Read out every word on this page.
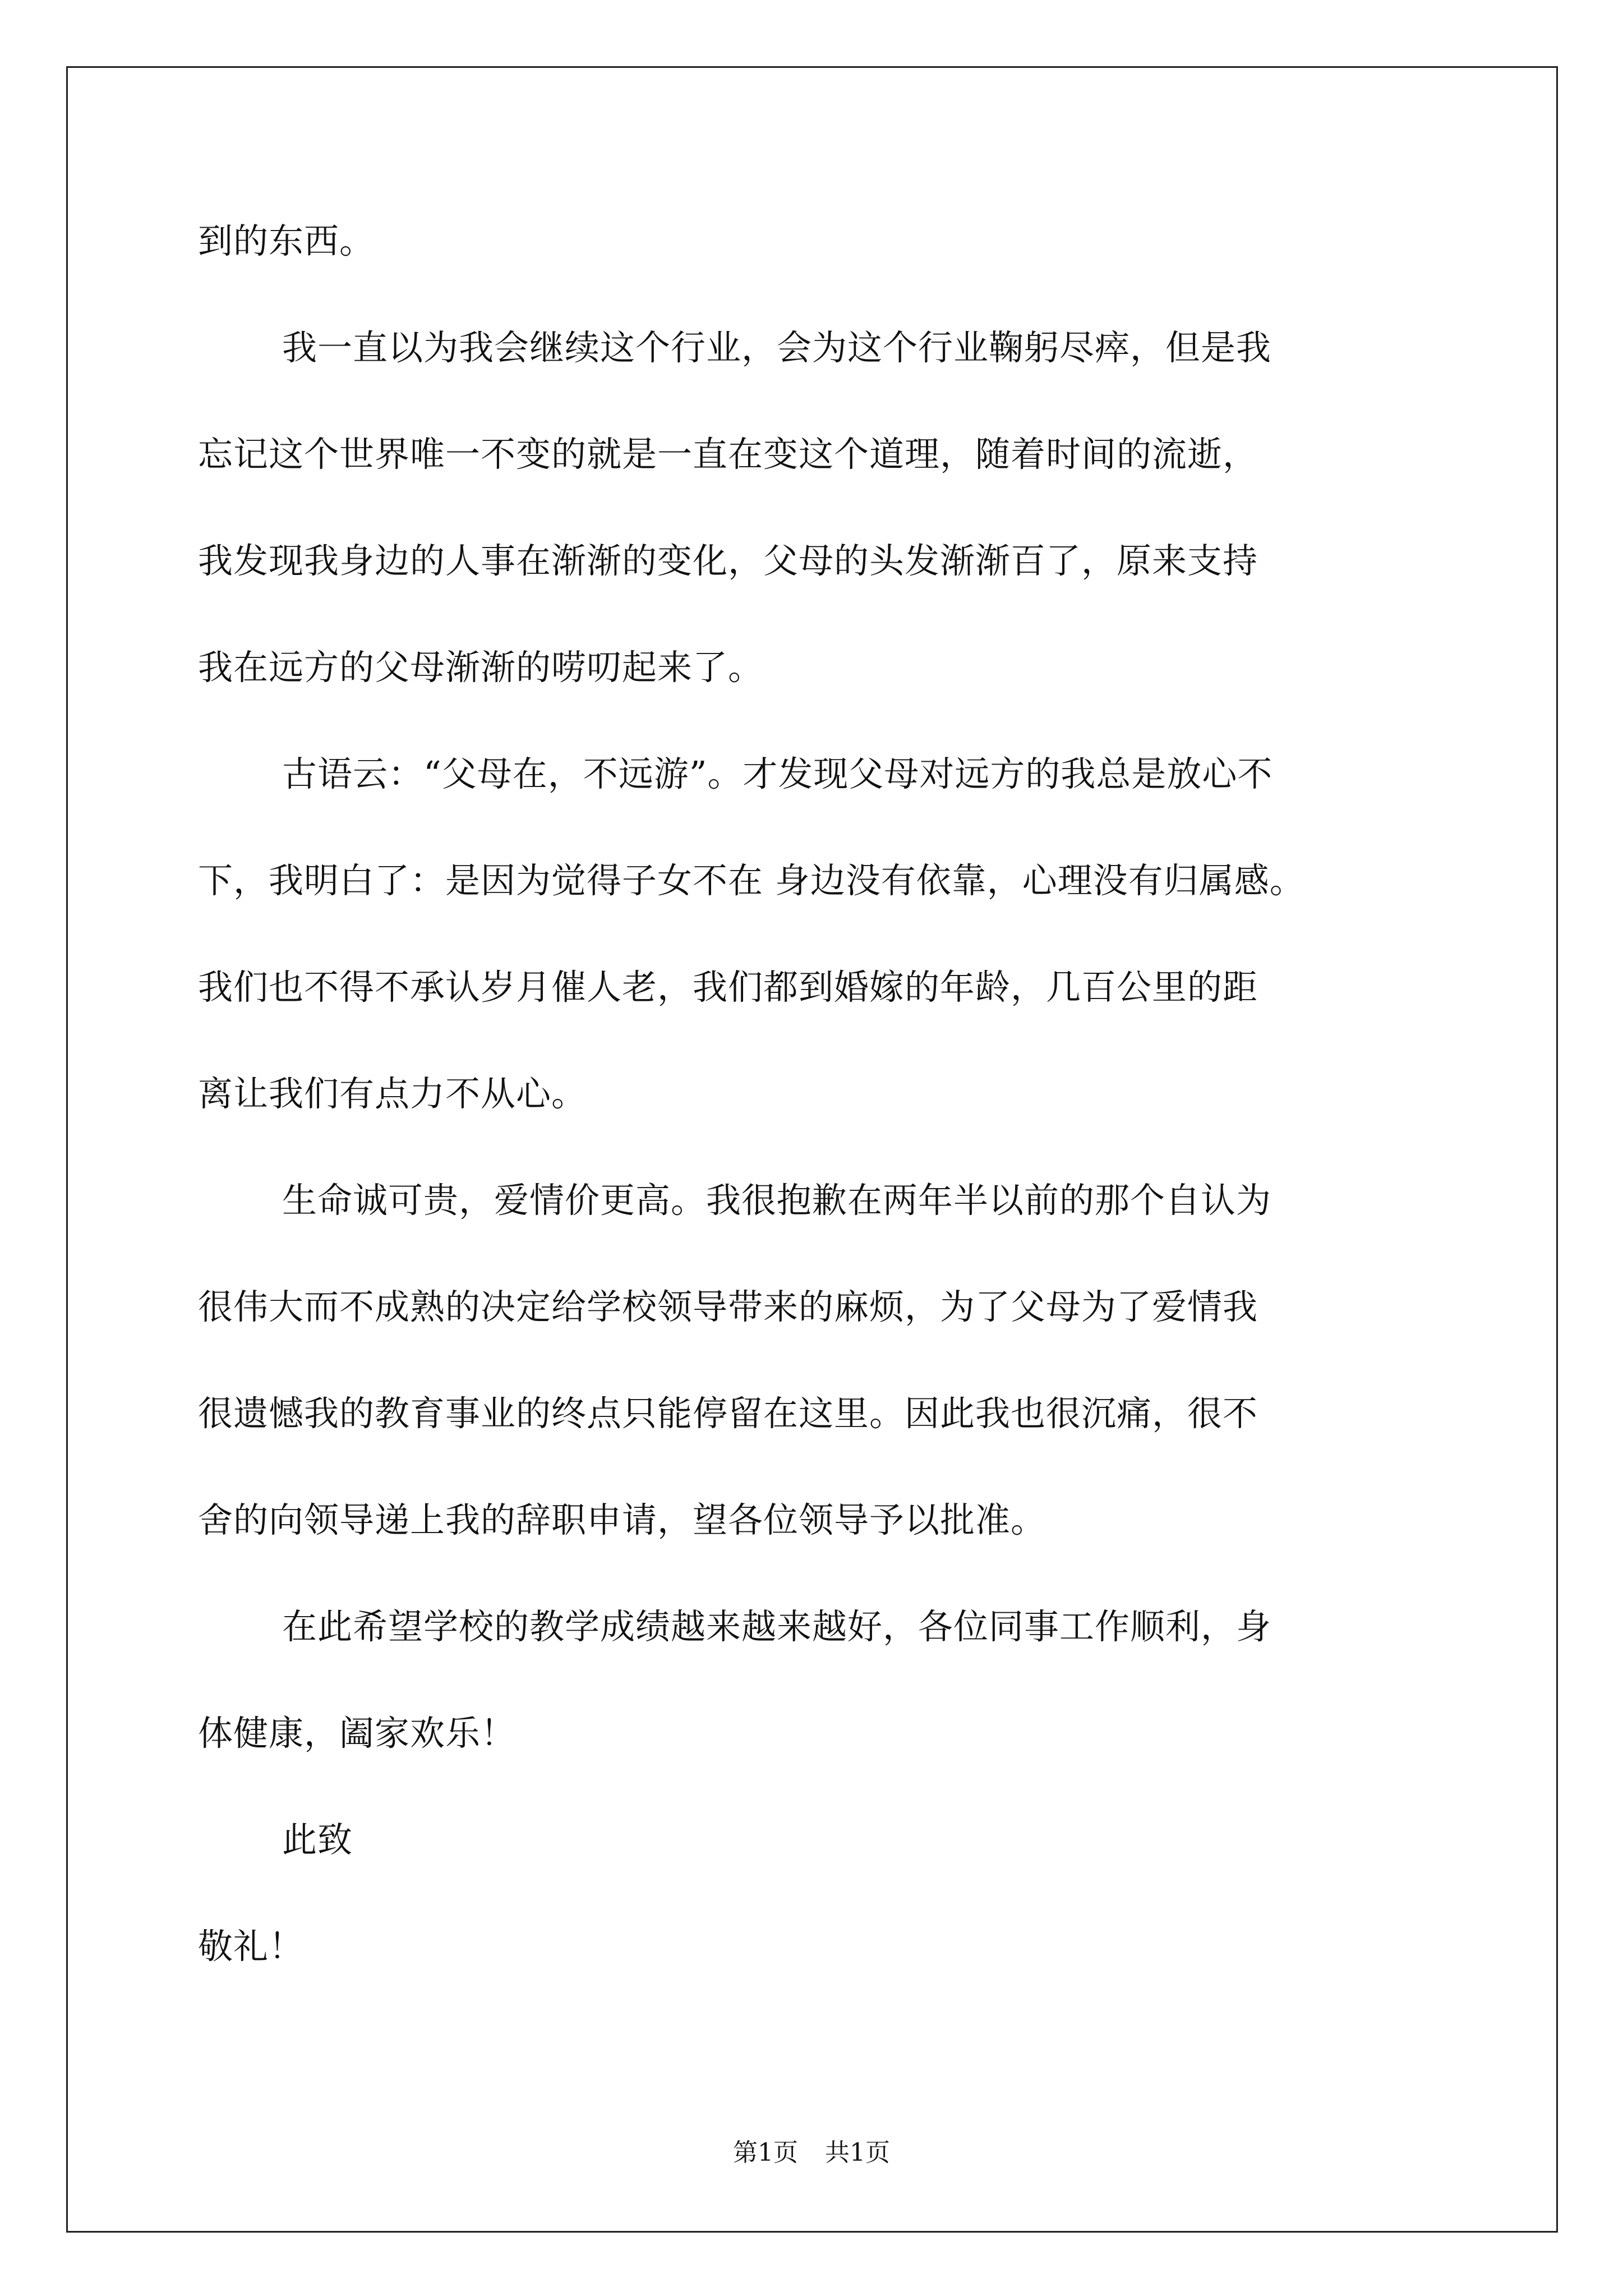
到的东西。
我一直以为我会继续这个行业，会为这个行业鞠躬尽瘁，但是我
忘记这个世界唯一不变的就是一直在变这个道理，随着时间的流逝，
我发现我身边的人事在渐渐的变化，父母的头发渐渐百了，原来支持
我在远方的父母渐渐的唠叨起来了。
古语云：“父母在，不远游”。才发现父母对远方的我总是放心不
下，我明白了：是因为觉得子女不在 身边没有依靠，心理没有归属感。
我们也不得不承认岁月催人老，我们都到婚嫁的年龄，几百公里的距
离让我们有点力不从心。
生命诚可贵，爱情价更高。我很抱歉在两年半以前的那个自认为
很伟大而不成熟的决定给学校领导带来的麻烦，为了父母为了爱情我
很遗憾我的教育事业的终点只能停留在这里。因此我也很沉痛，很不
舍的向领导递上我的辞职申请，望各位领导予以批准。
在此希望学校的教学成绩越来越来越好，各位同事工作顺利，身
体健康，阖家欢乐！
此致
敬礼！
第1页 共1页
